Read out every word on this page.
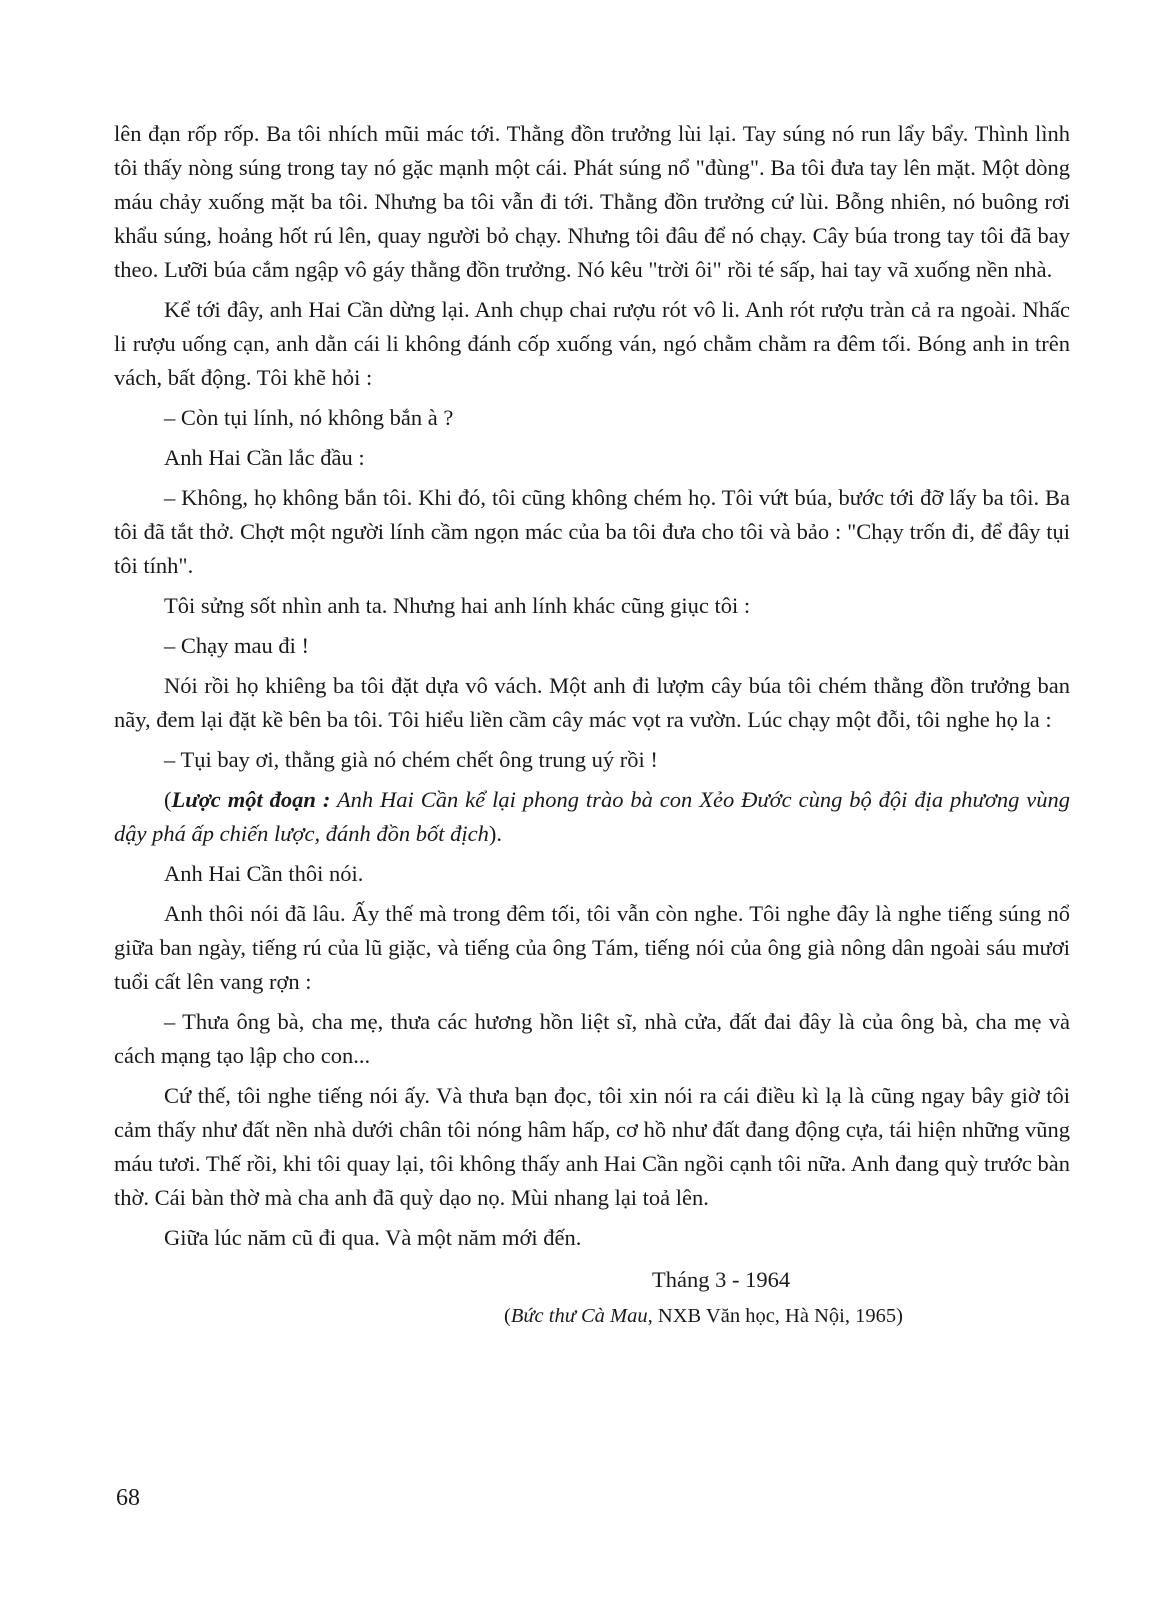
lên đạn rốp rốp. Ba tôi nhích mũi mác tới. Thằng đồn trưởng lùi lại. Tay súng nó run lẩy bẩy. Thình lình tôi thấy nòng súng trong tay nó gặc mạnh một cái. Phát súng nổ "đùng". Ba tôi đưa tay lên mặt. Một dòng máu chảy xuống mặt ba tôi. Nhưng ba tôi vẫn đi tới. Thằng đồn trưởng cứ lùi. Bỗng nhiên, nó buông rơi khẩu súng, hoảng hốt rú lên, quay người bỏ chạy. Nhưng tôi đâu để nó chạy. Cây búa trong tay tôi đã bay theo. Lưỡi búa cắm ngập vô gáy thằng đồn trưởng. Nó kêu "trời ôi" rồi té sấp, hai tay vã xuống nền nhà.

Kể tới đây, anh Hai Cần dừng lại. Anh chụp chai rượu rót vô li. Anh rót rượu tràn cả ra ngoài. Nhấc li rượu uống cạn, anh dằn cái li không đánh cốp xuống ván, ngó chằm chằm ra đêm tối. Bóng anh in trên vách, bất động. Tôi khẽ hỏi :

– Còn tụi lính, nó không bắn à ?

Anh Hai Cần lắc đầu :

– Không, họ không bắn tôi. Khi đó, tôi cũng không chém họ. Tôi vứt búa, bước tới đỡ lấy ba tôi. Ba tôi đã tắt thở. Chợt một người lính cầm ngọn mác của ba tôi đưa cho tôi và bảo : "Chạy trốn đi, để đây tụi tôi tính".

Tôi sửng sốt nhìn anh ta. Nhưng hai anh lính khác cũng giục tôi :

– Chạy mau đi !

Nói rồi họ khiêng ba tôi đặt dựa vô vách. Một anh đi lượm cây búa tôi chém thằng đồn trưởng ban nãy, đem lại đặt kề bên ba tôi. Tôi hiểu liền cầm cây mác vọt ra vườn. Lúc chạy một đỗi, tôi nghe họ la :

– Tụi bay ơi, thằng già nó chém chết ông trung uý rồi !

(Lược một đoạn : Anh Hai Cần kể lại phong trào bà con Xẻo Đước cùng bộ đội địa phương vùng dậy phá ấp chiến lược, đánh đồn bốt địch).

Anh Hai Cần thôi nói.

Anh thôi nói đã lâu. Ấy thế mà trong đêm tối, tôi vẫn còn nghe. Tôi nghe đây là nghe tiếng súng nổ giữa ban ngày, tiếng rú của lũ giặc, và tiếng của ông Tám, tiếng nói của ông già nông dân ngoài sáu mươi tuổi cất lên vang rợn :

– Thưa ông bà, cha mẹ, thưa các hương hồn liệt sĩ, nhà cửa, đất đai đây là của ông bà, cha mẹ và cách mạng tạo lập cho con...

Cứ thế, tôi nghe tiếng nói ấy. Và thưa bạn đọc, tôi xin nói ra cái điều kì lạ là cũng ngay bây giờ tôi cảm thấy như đất nền nhà dưới chân tôi nóng hâm hấp, cơ hồ như đất đang động cựa, tái hiện những vũng máu tươi. Thế rồi, khi tôi quay lại, tôi không thấy anh Hai Cần ngồi cạnh tôi nữa. Anh đang quỳ trước bàn thờ. Cái bàn thờ mà cha anh đã quỳ dạo nọ. Mùi nhang lại toả lên.

Giữa lúc năm cũ đi qua. Và một năm mới đến.

Tháng 3 - 1964

(Bức thư Cà Mau, NXB Văn học, Hà Nội, 1965)

68
